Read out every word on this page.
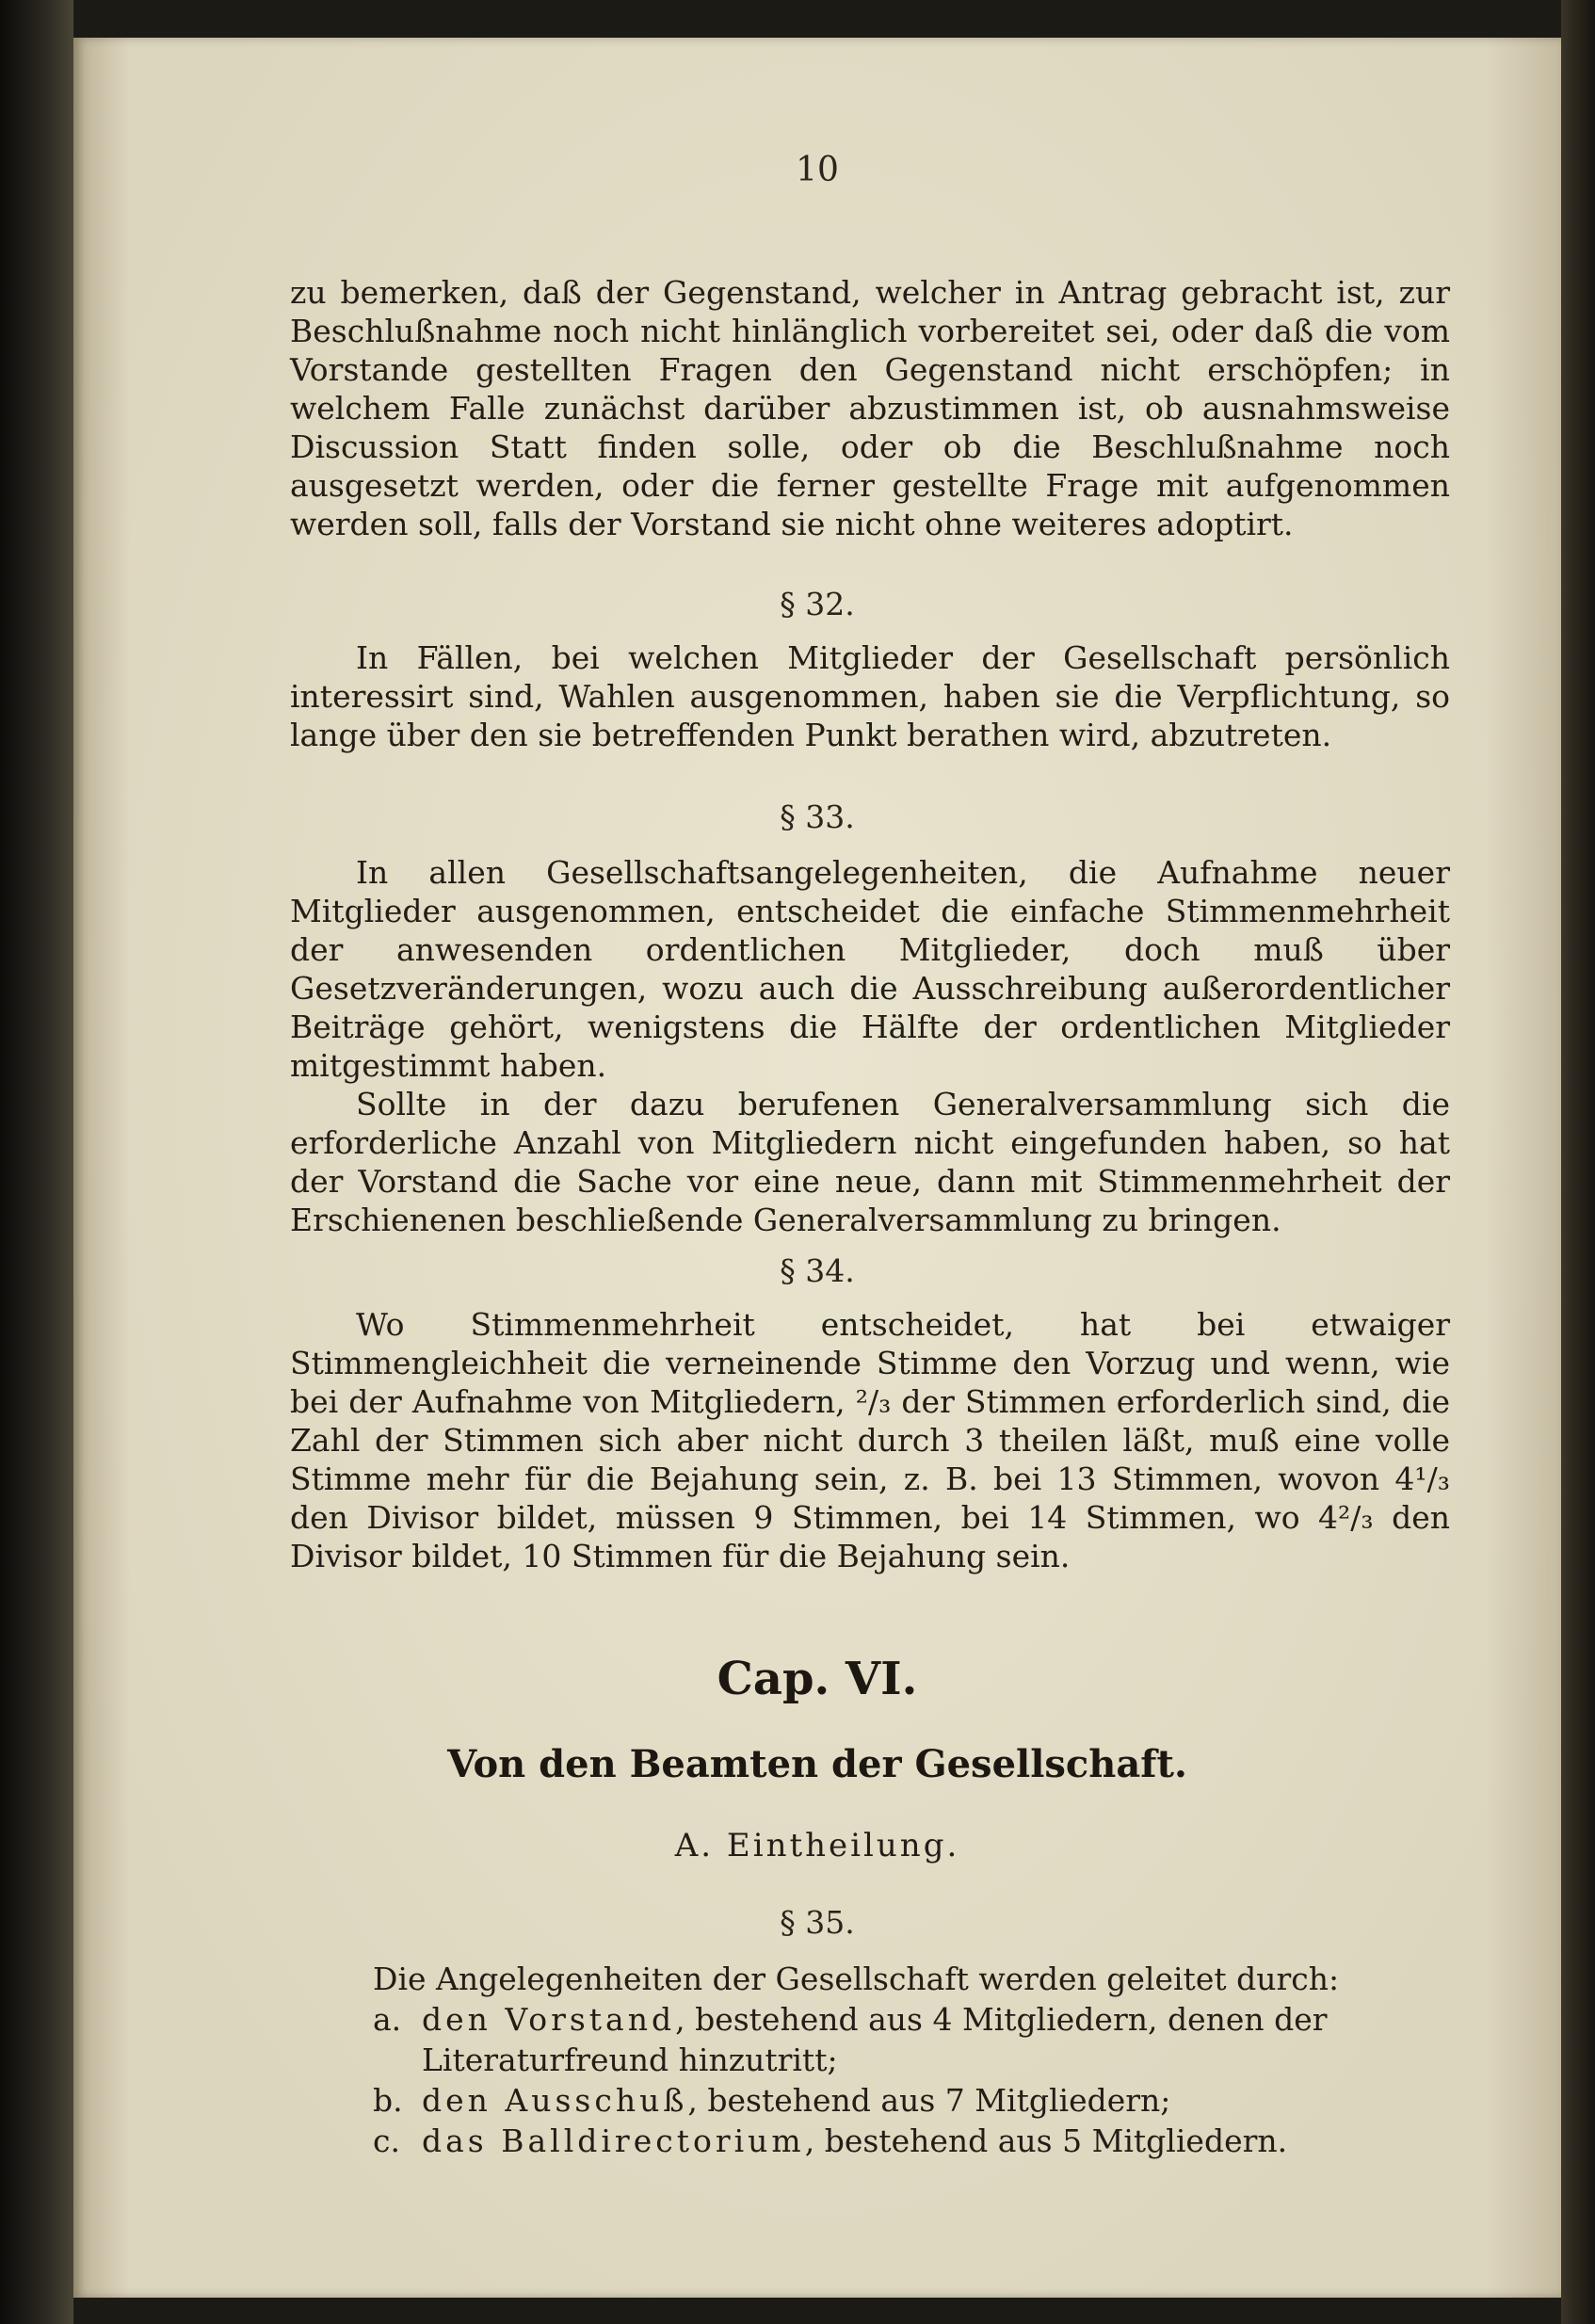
10

zu bemerken, daß der Gegenstand, welcher in Antrag gebracht ist, zur Beschlußnahme noch nicht hinlänglich vorbereitet sei, oder daß die vom Vorstande gestellten Fragen den Gegenstand nicht erschöpfen; in welchem Falle zunächst darüber abzustimmen ist, ob ausnahmsweise Discussion Statt finden solle, oder ob die Beschlußnahme noch ausgesetzt werden, oder die ferner gestellte Frage mit aufgenommen werden soll, falls der Vorstand sie nicht ohne weiteres adoptirt.

§ 32.

In Fällen, bei welchen Mitglieder der Gesellschaft persönlich interessirt sind, Wahlen ausgenommen, haben sie die Verpflichtung, so lange über den sie betreffenden Punkt berathen wird, abzutreten.

§ 33.

In allen Gesellschaftsangelegenheiten, die Aufnahme neuer Mitglieder ausgenommen, entscheidet die einfache Stimmenmehrheit der anwesenden ordentlichen Mitglieder, doch muß über Gesetzveränderungen, wozu auch die Ausschreibung außerordentlicher Beiträge gehört, wenigstens die Hälfte der ordentlichen Mitglieder mitgestimmt haben.

Sollte in der dazu berufenen Generalversammlung sich die erforderliche Anzahl von Mitgliedern nicht eingefunden haben, so hat der Vorstand die Sache vor eine neue, dann mit Stimmenmehrheit der Erschienenen beschließende Generalversammlung zu bringen.

§ 34.

Wo Stimmenmehrheit entscheidet, hat bei etwaiger Stimmengleichheit die verneinende Stimme den Vorzug und wenn, wie bei der Aufnahme von Mitgliedern, ²/₃ der Stimmen erforderlich sind, die Zahl der Stimmen sich aber nicht durch 3 theilen läßt, muß eine volle Stimme mehr für die Bejahung sein, z. B. bei 13 Stimmen, wovon 4¹/₃ den Divisor bildet, müssen 9 Stimmen, bei 14 Stimmen, wo 4²/₃ den Divisor bildet, 10 Stimmen für die Bejahung sein.

Cap. VI.
Von den Beamten der Gesellschaft.
A. Eintheilung.
§ 35.

Die Angelegenheiten der Gesellschaft werden geleitet durch:

a. den Vorstand, bestehend aus 4 Mitgliedern, denen der Literaturfreund hinzutritt;
b. den Ausschuß, bestehend aus 7 Mitgliedern;
c. das Balldirectorium, bestehend aus 5 Mitgliedern.
